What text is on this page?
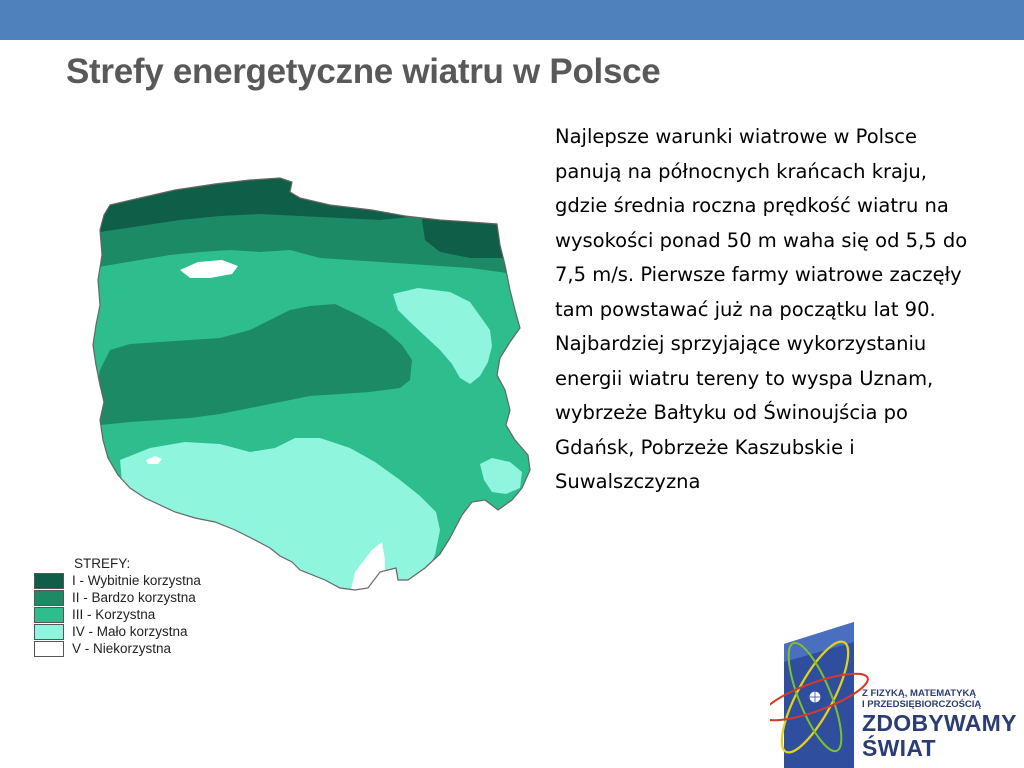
Strefy energetyczne wiatru w Polsce

Najlepsze warunki wiatrowe w Polsce panują na północnych krańcach kraju, gdzie średnia roczna prędkość wiatru na wysokości ponad 50 m waha się od 5,5 do 7,5 m/s. Pierwsze farmy wiatrowe zaczęły tam powstawać już na początku lat 90.

Najbardziej sprzyjające wykorzystaniu energii wiatru tereny to wyspa Uznam, wybrzeże Bałtyku od Świnoujścia po Gdańsk, Pobrzeże Kaszubskie i Suwalszczyzna

STREFY:
I - Wybitnie korzystna
II - Bardzo korzystna
III - Korzystna
IV - Mało korzystna
V - Niekorzystna
Z FIZYKĄ, MATEMATYKĄ
I PRZEDSIĘBIORCZOŚCIĄ
ZDOBYWAMY
ŚWIAT
